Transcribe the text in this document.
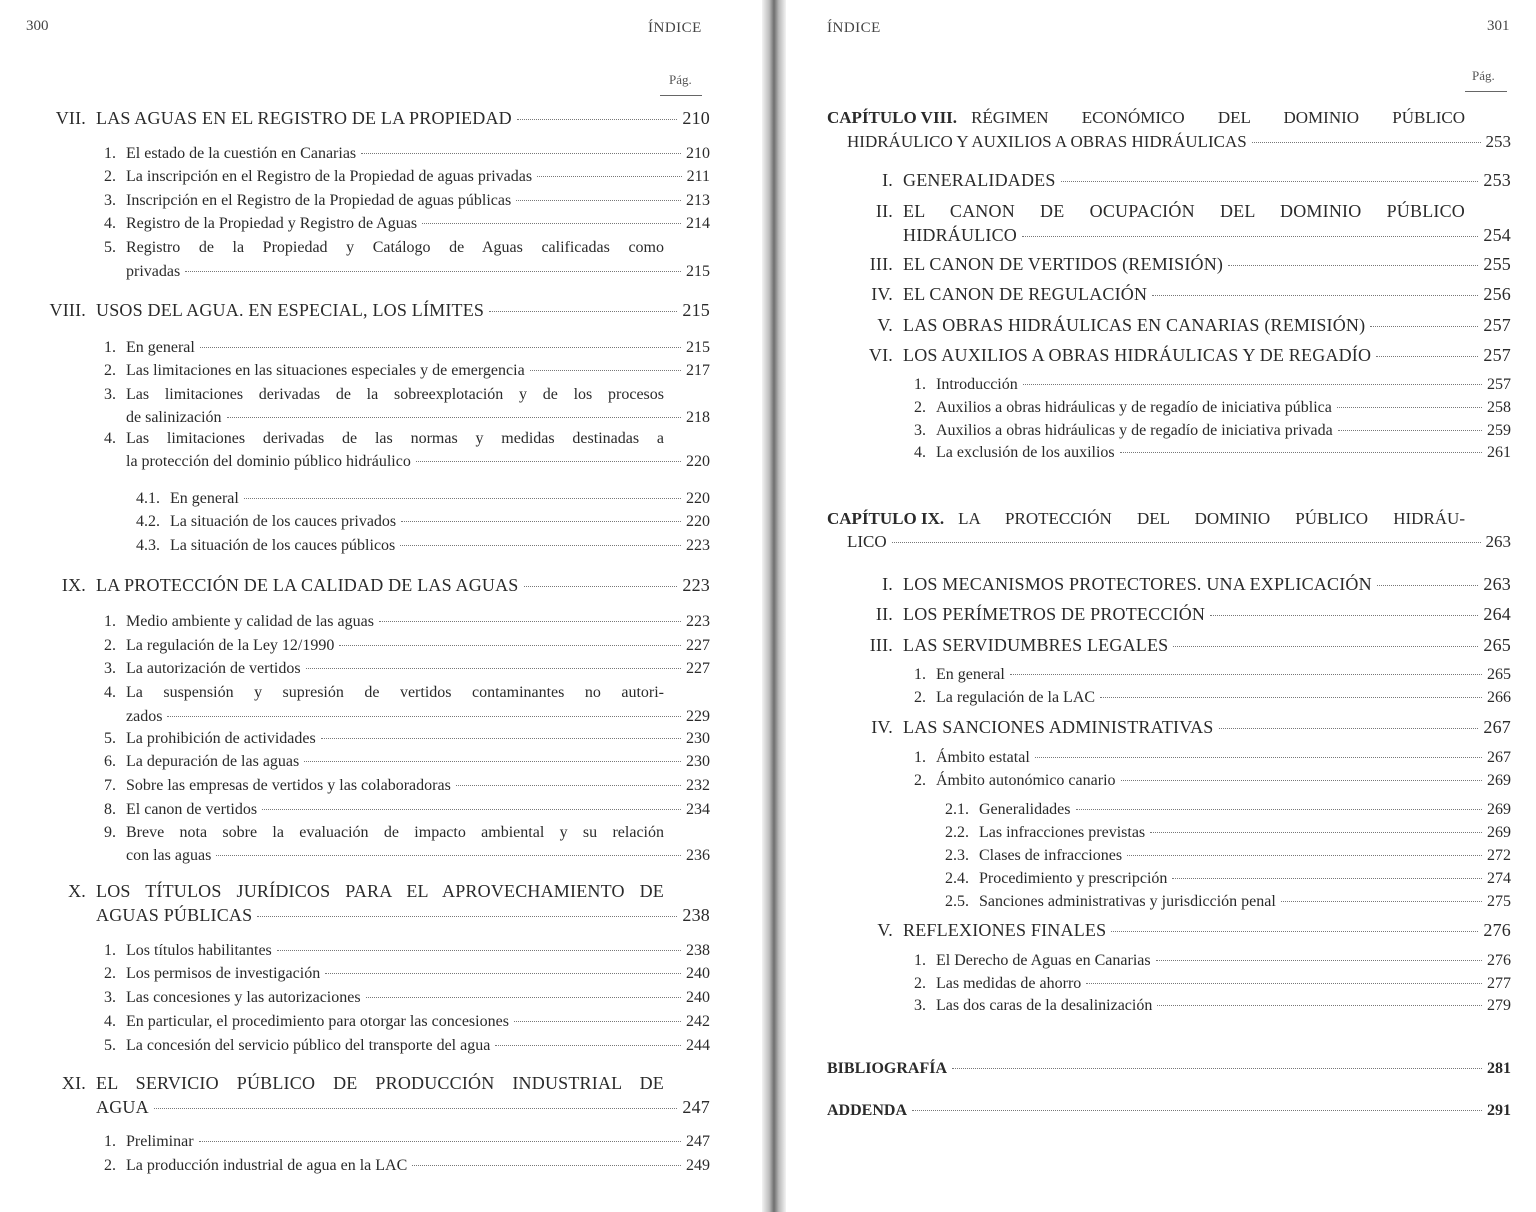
300	ÍNDICE
Pág.
VII. LAS AGUAS EN EL REGISTRO DE LA PROPIEDAD	210
1. El estado de la cuestión en Canarias	210
2. La inscripción en el Registro de la Propiedad de aguas privadas	211
3. Inscripción en el Registro de la Propiedad de aguas públicas	213
4. Registro de la Propiedad y Registro de Aguas	214
5. Registro de la Propiedad y Catálogo de Aguas calificadas como
privadas	215
VIII. USOS DEL AGUA. EN ESPECIAL, LOS LÍMITES	215
1. En general	215
2. Las limitaciones en las situaciones especiales y de emergencia	217
3. Las limitaciones derivadas de la sobreexplotación y de los procesos
de salinización	218
4. Las limitaciones derivadas de las normas y medidas destinadas a
la protección del dominio público hidráulico	220
4.1. En general	220
4.2. La situación de los cauces privados	220
4.3. La situación de los cauces públicos	223
IX. LA PROTECCIÓN DE LA CALIDAD DE LAS AGUAS	223
1. Medio ambiente y calidad de las aguas	223
2. La regulación de la Ley 12/1990	227
3. La autorización de vertidos	227
4. La suspensión y supresión de vertidos contaminantes no autori-
zados	229
5. La prohibición de actividades	230
6. La depuración de las aguas	230
7. Sobre las empresas de vertidos y las colaboradoras	232
8. El canon de vertidos	234
9. Breve nota sobre la evaluación de impacto ambiental y su relación
con las aguas	236
X. LOS TÍTULOS JURÍDICOS PARA EL APROVECHAMIENTO DE
AGUAS PÚBLICAS	238
1. Los títulos habilitantes	238
2. Los permisos de investigación	240
3. Las concesiones y las autorizaciones	240
4. En particular, el procedimiento para otorgar las concesiones	242
5. La concesión del servicio público del transporte del agua	244
XI. EL SERVICIO PÚBLICO DE PRODUCCIÓN INDUSTRIAL DE
AGUA	247
1. Preliminar	247
2. La producción industrial de agua en la LAC	249
ÍNDICE	301
Pág.
CAPÍTULO VIII. RÉGIMEN ECONÓMICO DEL DOMINIO PÚBLICO
HIDRÁULICO Y AUXILIOS A OBRAS HIDRÁULICAS	253
I. GENERALIDADES	253
II. EL CANON DE OCUPACIÓN DEL DOMINIO PÚBLICO
HIDRÁULICO	254
III. EL CANON DE VERTIDOS (REMISIÓN)	255
IV. EL CANON DE REGULACIÓN	256
V. LAS OBRAS HIDRÁULICAS EN CANARIAS (REMISIÓN)	257
VI. LOS AUXILIOS A OBRAS HIDRÁULICAS Y DE REGADÍO	257
1. Introducción	257
2. Auxilios a obras hidráulicas y de regadío de iniciativa pública	258
3. Auxilios a obras hidráulicas y de regadío de iniciativa privada	259
4. La exclusión de los auxilios	261
CAPÍTULO IX. LA PROTECCIÓN DEL DOMINIO PÚBLICO HIDRÁU-
LICO	263
I. LOS MECANISMOS PROTECTORES. UNA EXPLICACIÓN	263
II. LOS PERÍMETROS DE PROTECCIÓN	264
III. LAS SERVIDUMBRES LEGALES	265
1. En general	265
2. La regulación de la LAC	266
IV. LAS SANCIONES ADMINISTRATIVAS	267
1. Ámbito estatal	267
2. Ámbito autonómico canario	269
2.1. Generalidades	269
2.2. Las infracciones previstas	269
2.3. Clases de infracciones	272
2.4. Procedimiento y prescripción	274
2.5. Sanciones administrativas y jurisdicción penal	275
V. REFLEXIONES FINALES	276
1. El Derecho de Aguas en Canarias	276
2. Las medidas de ahorro	277
3. Las dos caras de la desalinización	279
BIBLIOGRAFÍA	281
ADDENDA	291
